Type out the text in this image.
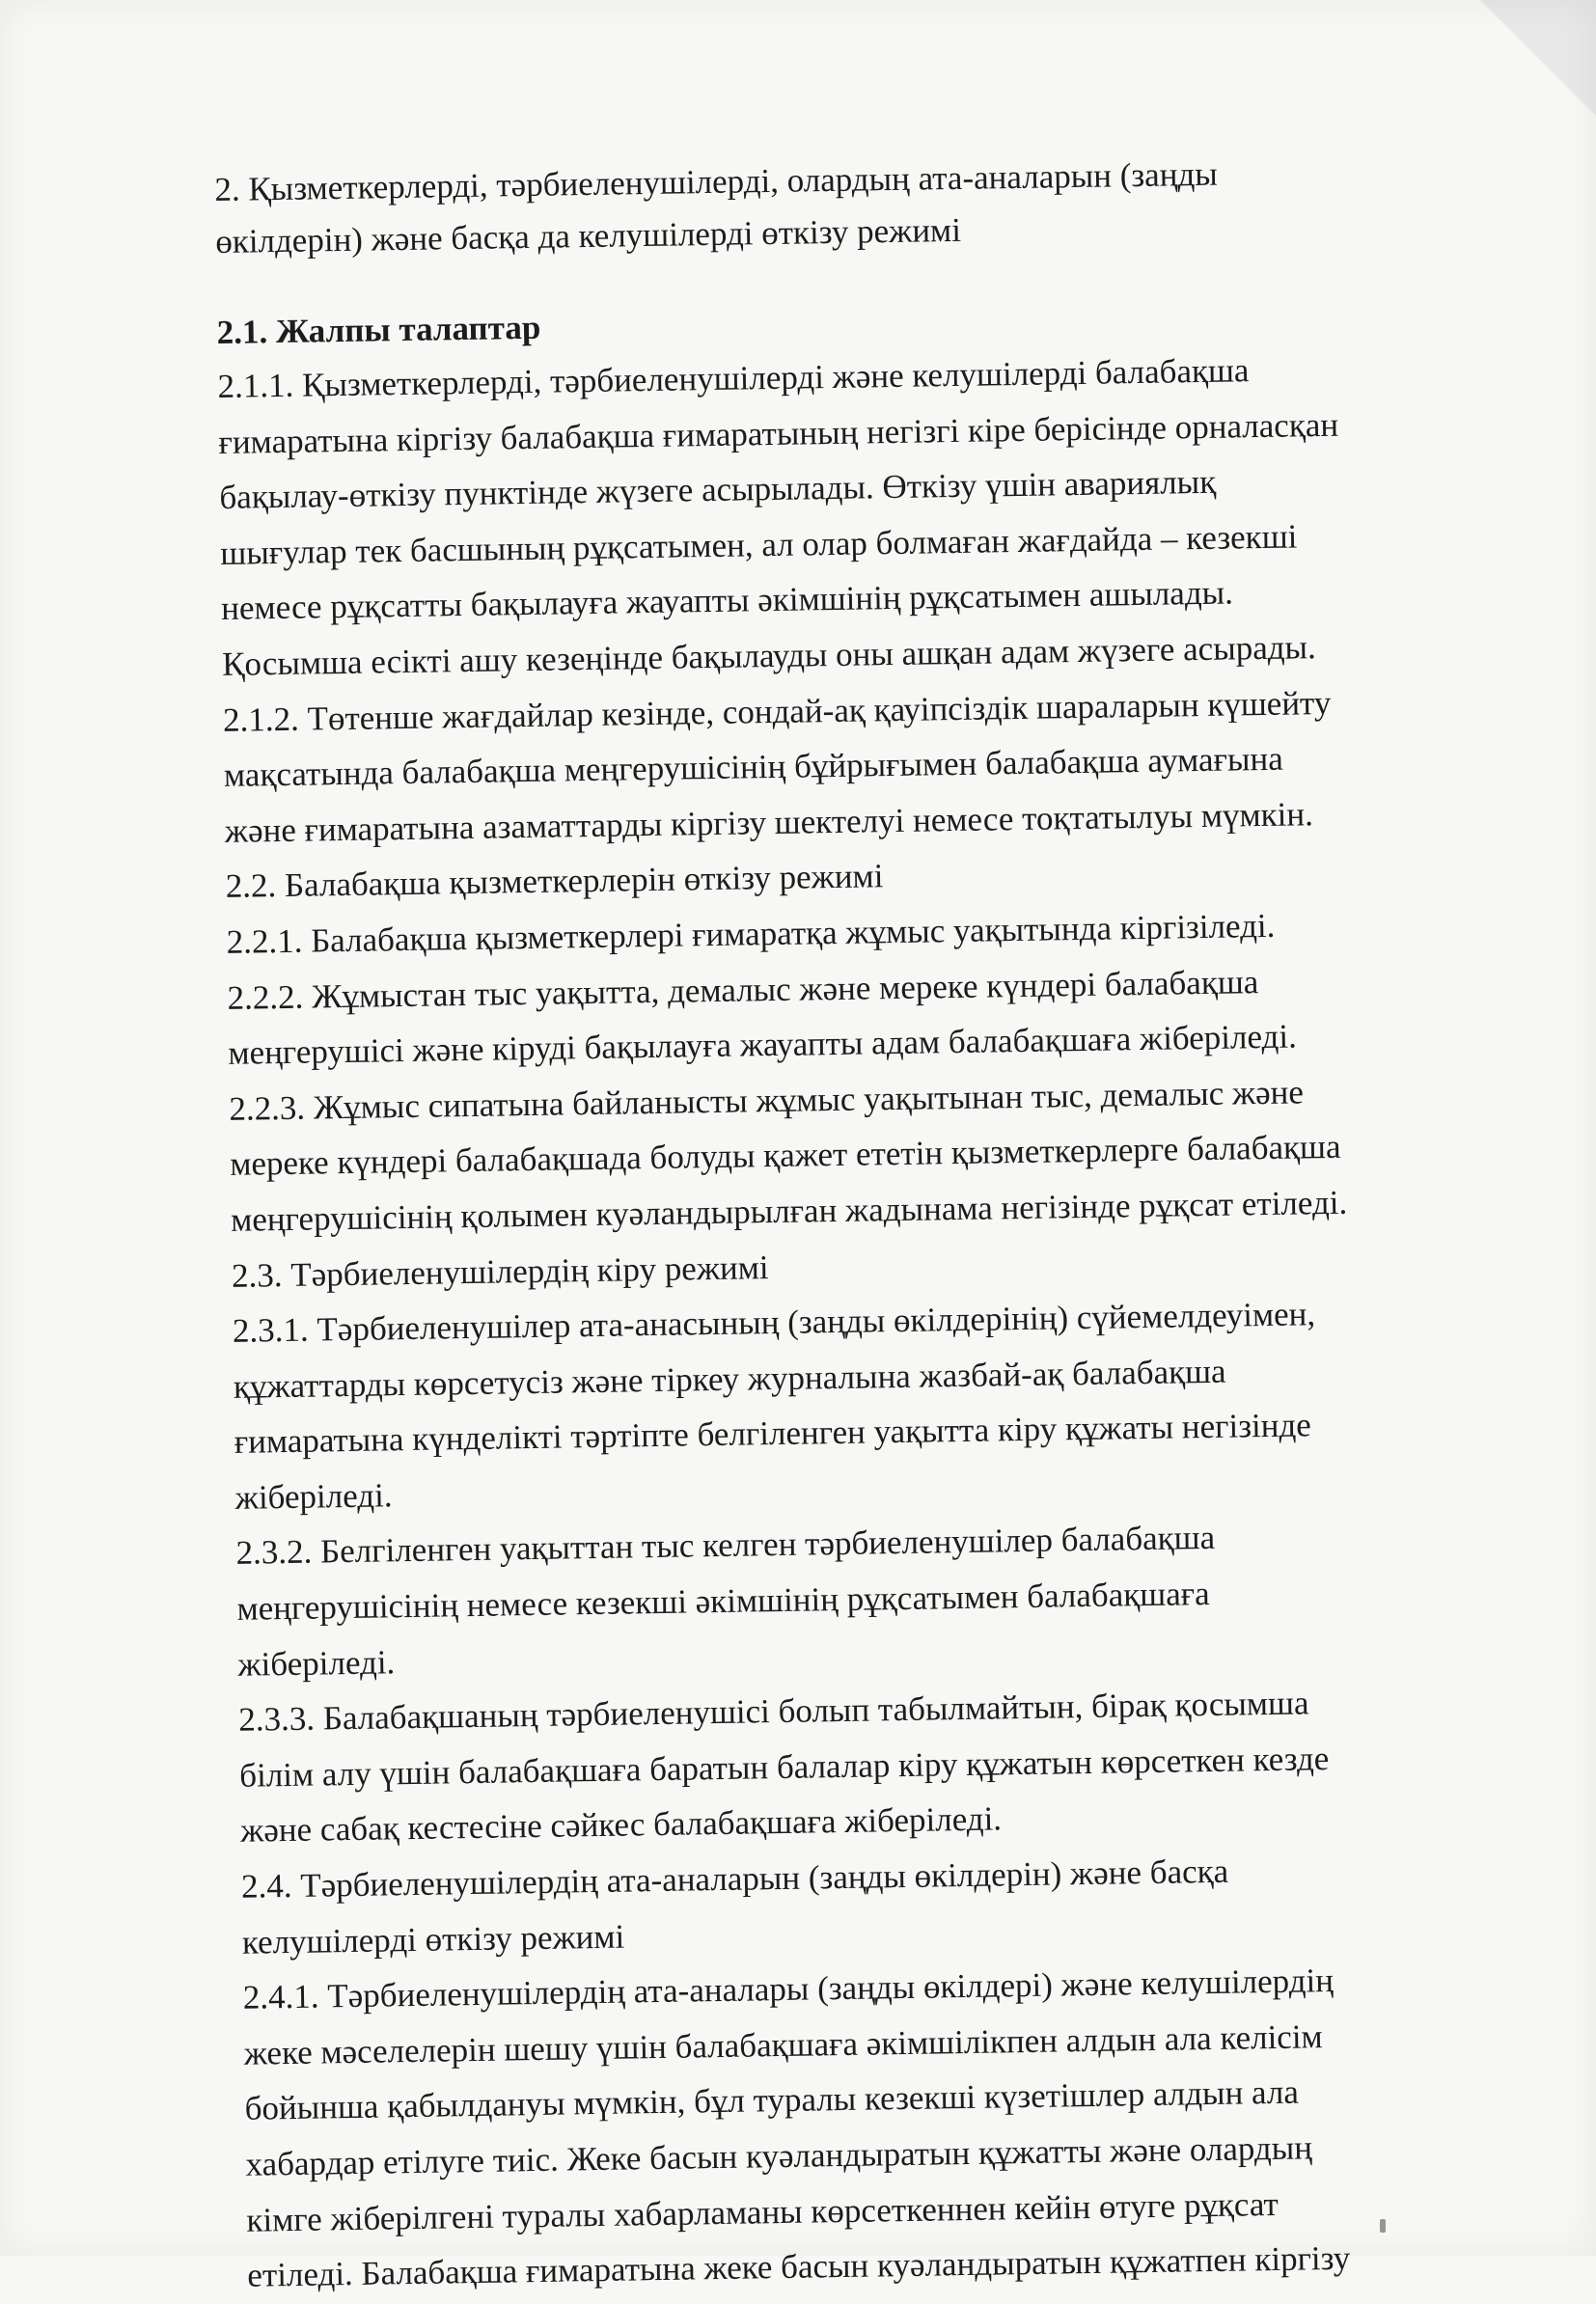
2. Қызметкерлерді, тәрбиеленушілерді, олардың ата-аналарын (заңды
өкілдерін) және басқа да келушілерді өткізу режимі
2.1. Жалпы талаптар
2.1.1. Қызметкерлерді, тәрбиеленушілерді және келушілерді балабақша
ғимаратына кіргізу балабақша ғимаратының негізгі кіре берісінде орналасқан
бақылау-өткізу пунктінде жүзеге асырылады. Өткізу үшін авариялық
шығулар тек басшының рұқсатымен, ал олар болмаған жағдайда – кезекші
немесе рұқсатты бақылауға жауапты әкімшінің рұқсатымен ашылады.
Қосымша есікті ашу кезеңінде бақылауды оны ашқан адам жүзеге асырады.
2.1.2. Төтенше жағдайлар кезінде, сондай-ақ қауіпсіздік шараларын күшейту
мақсатында балабақша меңгерушісінің бұйрығымен балабақша аумағына
және ғимаратына азаматтарды кіргізу шектелуі немесе тоқтатылуы мүмкін.
2.2. Балабақша қызметкерлерін өткізу режимі
2.2.1. Балабақша қызметкерлері ғимаратқа жұмыс уақытында кіргізіледі.
2.2.2. Жұмыстан тыс уақытта, демалыс және мереке күндері балабақша
меңгерушісі және кіруді бақылауға жауапты адам балабақшаға жіберіледі.
2.2.3. Жұмыс сипатына байланысты жұмыс уақытынан тыс, демалыс және
мереке күндері балабақшада болуды қажет ететін қызметкерлерге балабақша
меңгерушісінің қолымен куәландырылған жадынама негізінде рұқсат етіледі.
2.3. Тәрбиеленушілердің кіру режимі
2.3.1. Тәрбиеленушілер ата-анасының (заңды өкілдерінің) сүйемелдеуімен,
құжаттарды көрсетусіз және тіркеу журналына жазбай-ақ балабақша
ғимаратына күнделікті тәртіпте белгіленген уақытта кіру құжаты негізінде
жіберіледі.
2.3.2. Белгіленген уақыттан тыс келген тәрбиеленушілер балабақша
меңгерушісінің немесе кезекші әкімшінің рұқсатымен балабақшаға
жіберіледі.
2.3.3. Балабақшаның тәрбиеленушісі болып табылмайтын, бірақ қосымша
білім алу үшін балабақшаға баратын балалар кіру құжатын көрсеткен кезде
және сабақ кестесіне сәйкес балабақшаға жіберіледі.
2.4. Тәрбиеленушілердің ата-аналарын (заңды өкілдерін) және басқа
келушілерді өткізу режимі
2.4.1. Тәрбиеленушілердің ата-аналары (заңды өкілдері) және келушілердің
жеке мәселелерін шешу үшін балабақшаға әкімшілікпен алдын ала келісім
бойынша қабылдануы мүмкін, бұл туралы кезекші күзетішлер алдын ала
хабардар етілуге тиіс. Жеке басын куәландыратын құжатты және олардың
кімге жіберілгені туралы хабарламаны көрсеткеннен кейін өтуге рұқсат
етіледі. Балабақша ғимаратына жеке басын куәландыратын құжатпен кіргізу
